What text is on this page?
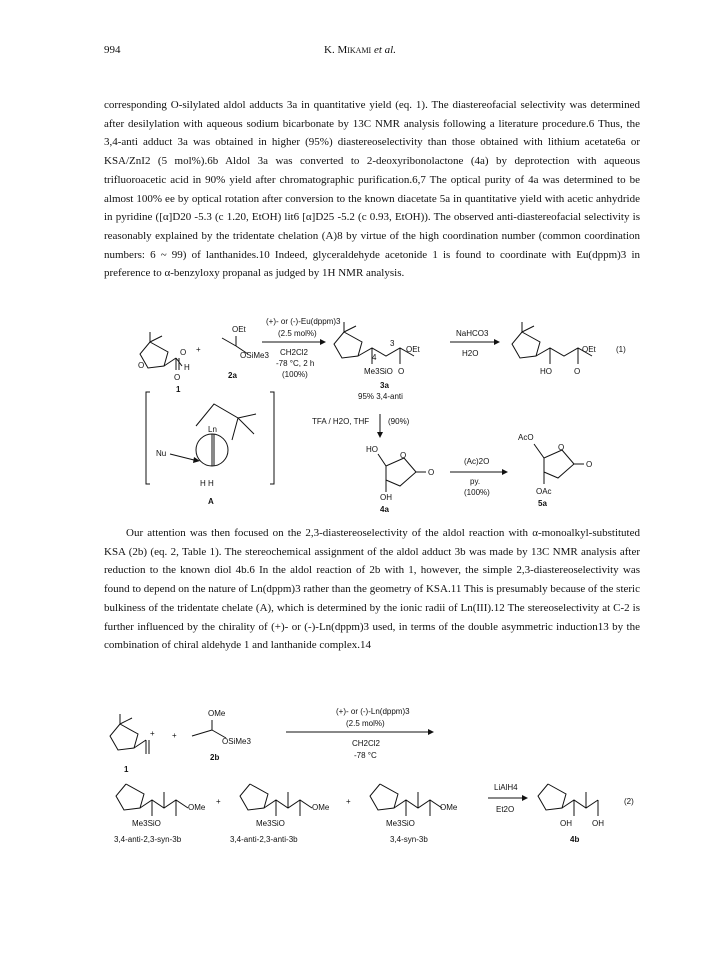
994	K. Mikami et al.

corresponding O-silylated aldol adducts 3a in quantitative yield (eq. 1). The diastereofacial selectivity was determined after desilylation with aqueous sodium bicarbonate by 13C NMR analysis following a literature procedure.6 Thus, the 3,4-anti adduct 3a was obtained in higher (95%) diastereoselectivity than those obtained with lithium acetate6a or KSA/ZnI2 (5 mol%).6b Aldol 3a was converted to 2-deoxyribonolactone (4a) by deprotection with aqueous trifluoroacetic acid in 90% yield after chromatographic purification.6,7 The optical purity of 4a was determined to be almost 100% ee by optical rotation after conversion to the known diacetate 5a in quantitative yield with acetic anhydride in pyridine ([α]D20 -5.3 (c 1.20, EtOH) lit6 [α]D25 -5.2 (c 0.93, EtOH)). The observed anti-diastereofacial selectivity is reasonably explained by the tridentate chelation (A)8 by virtue of the high coordination number (common coordination numbers: 6 ~ 99) of lanthanides.10 Indeed, glyceraldehyde acetonide 1 is found to coordinate with Eu(dppm)3 in preference to α-benzyloxy propanal as judged by 1H NMR analysis.

O
O	H
O
1
+
OEt
OSiMe3
2a
(+)- or (-)-Eu(dppm)3
(2.5 mol%)
CH2Cl2
-78 °C, 2 h
(100%)
OEt
Me3SiO O
4
3
3a
95% 3,4-anti
NaHCO3
H2O	OEt
HO	O
(1)
Ln
Nu
H H
A
TFA / H2O, THF (90%)
HO
O
O
OH
4a
(Ac)2O
py.
(100%)
AcO
O
O
OAc
5a

Our attention was then focused on the 2,3-diastereoselectivity of the aldol reaction with α-monoalkyl-substituted KSA (2b) (eq. 2, Table 1). The stereochemical assignment of the aldol adduct 3b was made by 13C NMR analysis after reduction to the known diol 4b.6 In the aldol reaction of 2b with 1, however, the simple 2,3-diastereoselectivity was found to depend on the nature of Ln(dppm)3 rather than the geometry of KSA.11 This is presumably because of the steric bulkiness of the tridentate chelate (A), which is determined by the ionic radii of Ln(III).12 The stereoselectivity at C-2 is further influenced by the chirality of (+)- or (-)-Ln(dppm)3 used, in terms of the double asymmetric induction13 by the combination of chiral aldehyde 1 and lanthanide complex.14

+
1
+
OMe
OSiMe3
2b
(+)- or (-)-Ln(dppm)3
(2.5 mol%)
CH2Cl2
-78 °C
OMe
Me3SiO
3,4-anti-2,3-syn-3b
+
OMe
Me3SiO
3,4-anti-2,3-anti-3b
+
OMe
Me3SiO
3,4-syn-3b
LiAlH4
Et2O
OH	OH
4b
(2)
